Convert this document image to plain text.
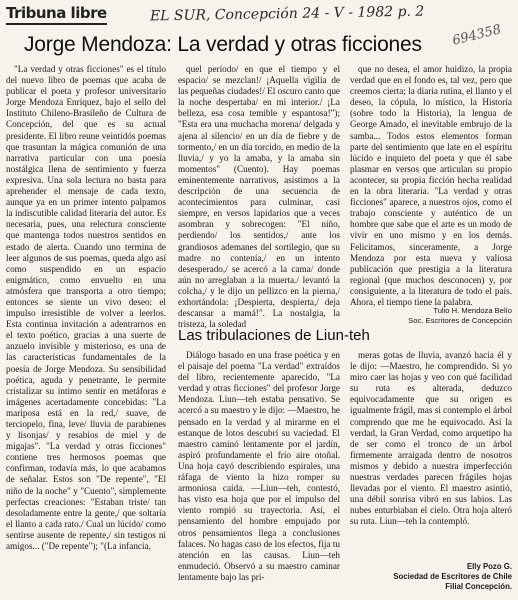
Tribuna libre	EL SUR, Concepción 24 - V - 1982 p. 2
694358
Jorge Mendoza: La verdad y otras ficciones

"La verdad y otras ficciones" es el título del nuevo libro de poemas que acaba de publicar el poeta y profesor universitario Jorge Mendoza Enríquez, bajo el sello del Instituto Chileno-Brasileño de Cultura de Concepción, del que es su actual presidente. El libro reune veintidós poemas que trasuntan la mágica comunión de una narrativa particular con una poesía nostálgica llena de sentimiento y fuerza expresiva. Una sola lectura no basta para aprehender el mensaje de cada texto, aunque ya en un primer intento palpamos la indiscutible calidad literaria del autor. Es necesaria, pues, una relectura consciente que mantenga todos nuestros sentidos en estado de alerta. Cuando uno termina de leer algunos de sus poemas, queda algo así como suspendido en un espacio enigmático, como envuelto en una atmósfera que transporta a otro tiempo; entonces se siente un vivo deseo: el impulso irresistible de volver a leerlos. Esta continua invitación a adentrarnos en el texto poético, gracias a una suerte de anzuelo invisible y misterioso, es una de las características fundamentales de la poesía de Jorge Mendoza. Su sensibilidad poética, aguda y penetrante, le permite cristalizar su íntimo sentir en metáforas e imágenes acertadamente concebidas: "La mariposa está en la red,/ suave, de terciopelo, fina, leve/ lluvia de parabienes y lisonjas/ y resabios de miel y de migajas". "La verdad y otras ficciones" contiene tres hermosos poemas que confirman, todavía más, lo que acabamos de señalar. Estos son "De repente", "El niño de la noche" y "Cuento", simplemente perfectas creaciones: "Estaban triste/ tan desoladamente entre la gente,/ que soltaría el llanto a cada rato./ Cual un lúcido/ como sentirse ausente de repente,/ sin testigos ni amigos... ("De repente"); "(La infancia,

quel período/ en que el tiempo y el espacio/ se mezclan!/ ¡Aquella vigilia de las pequeñas ciudades!/ El oscuro canto que la noche despertaba/ en mi interior./ ¡La belleza, esa cosa temible y espantosa!"); "Esta era una muchacha morena/ delgada y ajena al silencio/ en un día de fiebre y de tormento,/ en un día torcido, en medio de la lluvia,/ y yo la amaba, y la amaba sin momentos" (Cuento). Hay poemas eminentemente narrativos, asistimos a la descripción de una secuencia de acontecimientos para culminar, casi siempre, en versos lapidarios que a veces asombran y sobrecogen: "El niño, perdiendo/ los sentidos,/ ante los grandiosos ademanes del sortilegio, que su madre no contenía,/ en un intento desesperado,/ se acercó a la cama/ donde aún no arreglaban a la muerta./ levantó la colcha,/ y le dijo un pellizco en la pierna,/ exhortándola: ¡Despierta, despierta,/ deja descansar a mamá!". La nostalgia, la tristeza, la soledad

que no desea, el amor huidizo, la propia verdad que en el fondo es, tal vez, pero que creemos cierta; la diaria rutina, el llanto y el deseo, la cópula, lo místico, la Historia (sobre todo la Historia), la lengua de George Amado, el inevitable embrujo de la samba... Todos estos elementos forman parte del sentimiento que late en el espíritu lúcido e inquieto del poeta y que él sabe plasmar en versos que articulan su propio acontecer, su propia ficción hecha realidad en la obra literaria. "La verdad y otras ficciones" aparece, a nuestros ojos, como el trabajo consciente y auténtico de un hombre que sabe que el arte es un modo de vivir en uno mismo y en los demás. Felicitamos, sinceramente, a Jorge Mendoza por esta nueva y valiosa publicación que prestigia a la literatura regional (que muchos desconocen) y, por consiguiente, a la literatura de todo el país. Ahora, el tiempo tiene la palabra.

Tulio H. Mendoza Belío
Soc. Escritores de Concepción
Las tribulaciones de Liun-teh

Diálogo basado en una frase poética y en el paisaje del poema "La verdad" extraídos del libro, recientemente aparecido, "La verdad y otras ficciones" del profesor Jorge Mendoza. Liun—teh estaba pensativo. Se acercó a su maestro y le dijo: —Maestro, he pensado en la verdad y al mirarme en el estanque de lotos descubrí su vaciedad. El maestro caminó lentamente por el jardín, aspiró profundamente el frío aire otoñal. Una hoja cayó describiendo espirales, una ráfaga de viento la hizo romper su armoniosa caída. —Liun—teh, contestó, has visto esa hoja que por el impulso del viento rompió su trayectoria. Así, el pensamiento del hombre empujado por otros pensamientos llega a conclusiones falaces. No hagas caso de los efectos, fija tu atención en las causas. Liun—teh enmudeció. Observó a su maestro caminar lentamente bajo las pri-

meras gotas de lluvia, avanzó hacia él y le dijo: —Maestro, he comprendido. Si yo miro caer las hojas y veo con qué facilidad su ruta es alterada, deduzco equivocadamente que su origen es igualmente frágil, mas si contemplo el árbol comprendo que me he equivocado. Así la verdad, la Gran Verdad, como arquetipo ha de ser como el tronco de un árbol firmemente arraigada dentro de nosotros mismos y debido a nuestra imperfección nuestras verdades parecen frágiles hojas llevadas por el viento. El maestro asintió, una débil sonrisa vibró en sus labios. Las nubes enturbiaban el cielo. Otra hoja alteró su ruta. Liun—teh la contempló.

Elly Pozo G.
Sociedad de Escritores de Chile
Filial Concepción.
